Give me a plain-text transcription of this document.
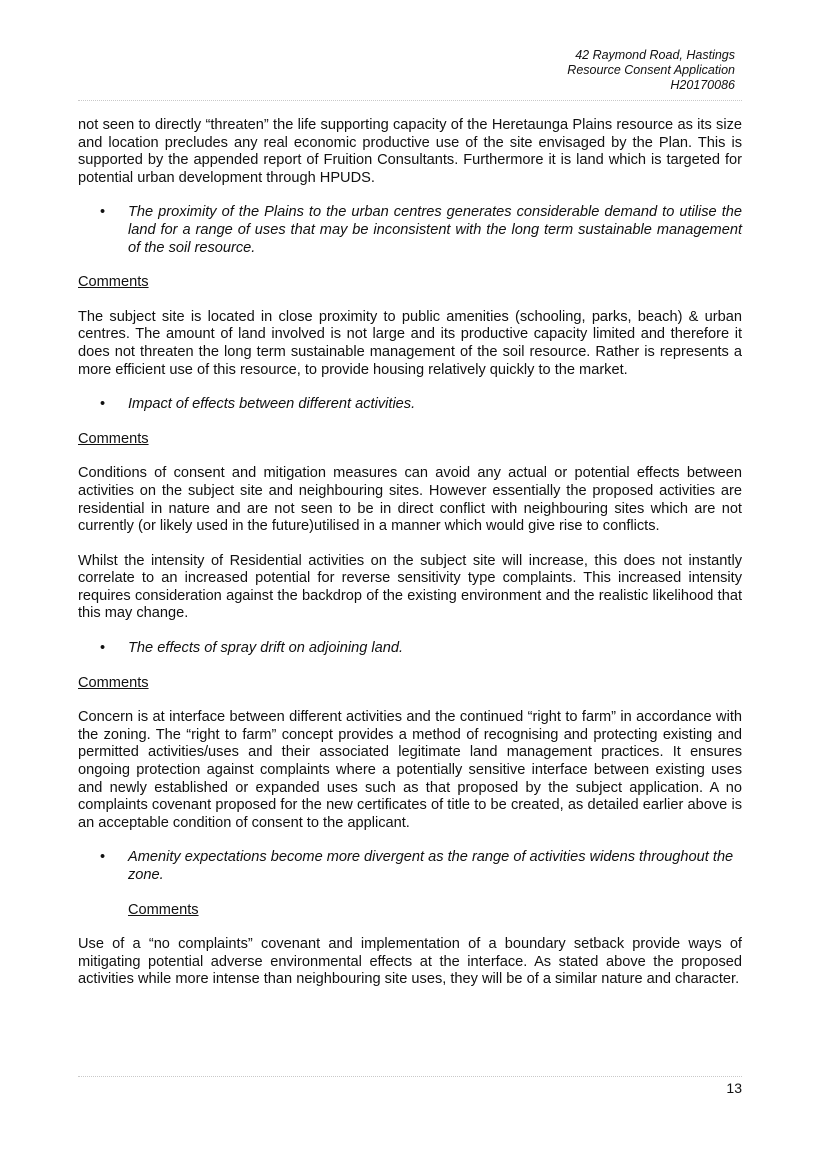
42 Raymond Road, Hastings
Resource Consent Application
H20170086

not seen to directly “threaten” the life supporting capacity of the Heretaunga Plains resource as its size and location precludes any real economic productive use of the site envisaged by the Plan. This is supported by the appended report of Fruition Consultants. Furthermore it is land which is targeted for potential urban development through HPUDS.

• The proximity of the Plains to the urban centres generates considerable demand to utilise the land for a range of uses that may be inconsistent with the long term sustainable management of the soil resource.
Comments

The subject site is located in close proximity to public amenities (schooling, parks, beach) & urban centres. The amount of land involved is not large and its productive capacity limited and therefore it does not threaten the long term sustainable management of the soil resource. Rather is represents a more efficient use of this resource, to provide housing relatively quickly to the market.

• Impact of effects between different activities.
Comments

Conditions of consent and mitigation measures can avoid any actual or potential effects between activities on the subject site and neighbouring sites. However essentially the proposed activities are residential in nature and are not seen to be in direct conflict with neighbouring sites which are not currently (or likely used in the future)utilised in a manner which would give rise to conflicts.

Whilst the intensity of Residential activities on the subject site will increase, this does not instantly correlate to an increased potential for reverse sensitivity type complaints. This increased intensity requires consideration against the backdrop of the existing environment and the realistic likelihood that this may change.

• The effects of spray drift on adjoining land.
Comments

Concern is at interface between different activities and the continued “right to farm” in accordance with the zoning. The “right to farm” concept provides a method of recognising and protecting existing and permitted activities/uses and their associated legitimate land management practices. It ensures ongoing protection against complaints where a potentially sensitive interface between existing uses and newly established or expanded uses such as that proposed by the subject application. A no complaints covenant proposed for the new certificates of title to be created, as detailed earlier above is an acceptable condition of consent to the applicant.

• Amenity expectations become more divergent as the range of activities widens throughout the zone.
Comments

Use of a “no complaints” covenant and implementation of a boundary setback provide ways of mitigating potential adverse environmental effects at the interface. As stated above the proposed activities while more intense than neighbouring site uses, they will be of a similar nature and character.

13
